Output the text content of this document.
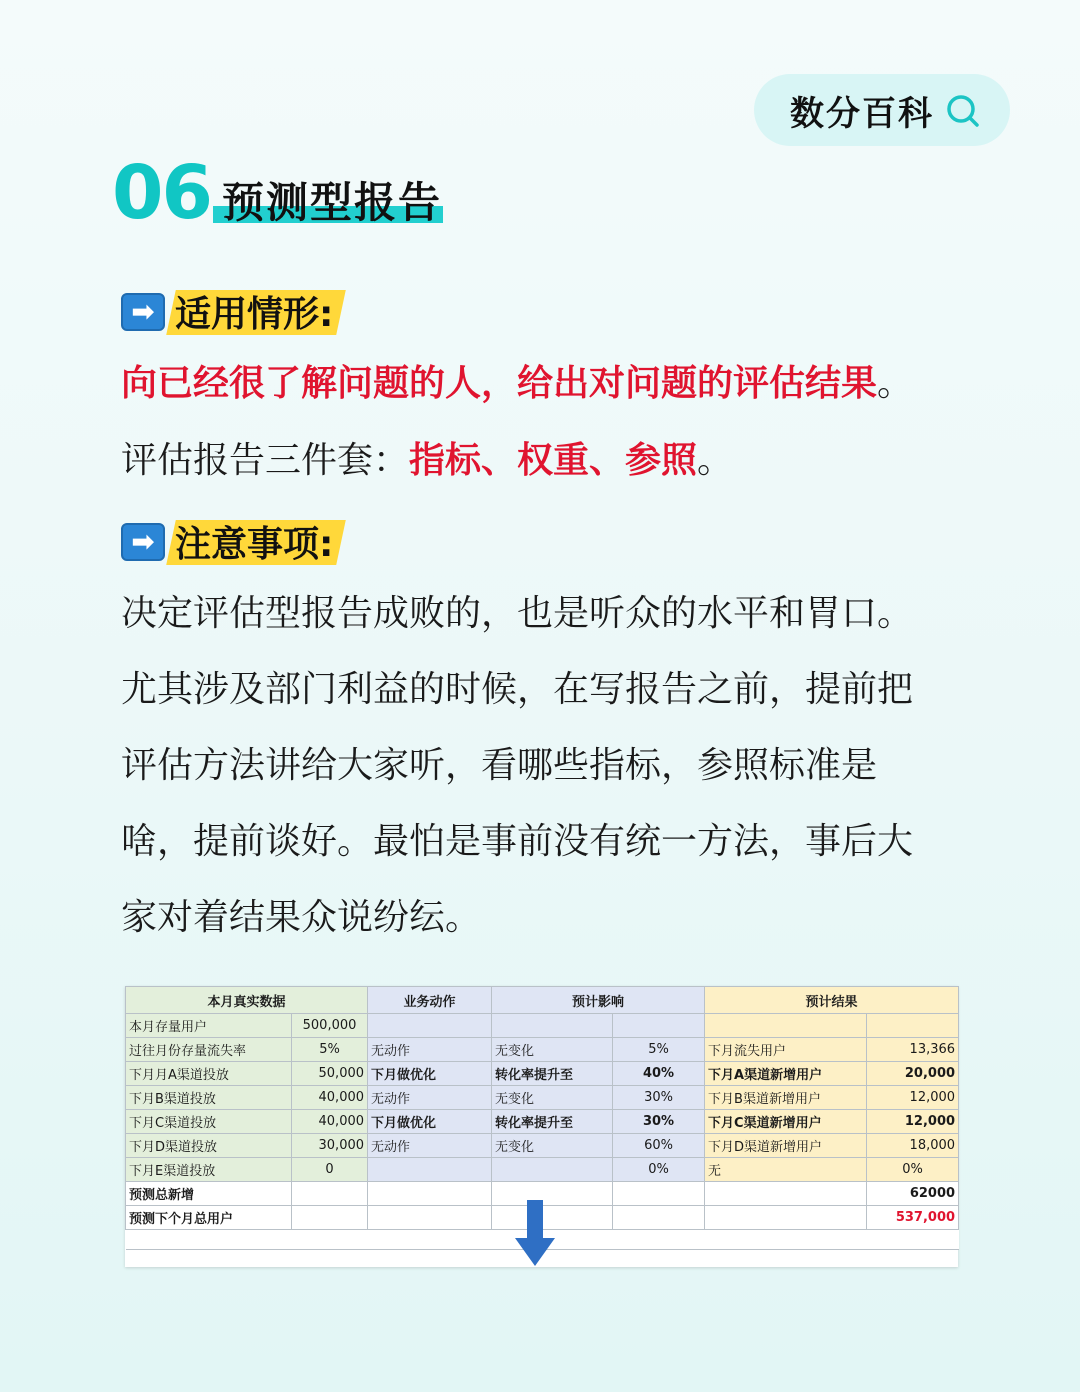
数分百科
06 预测型报告
➡ 适用情形:
向已经很了解问题的人，给出对问题的评估结果。
评估报告三件套：指标、权重、参照。
➡ 注意事项:
决定评估型报告成败的，也是听众的水平和胃口。
尤其涉及部门利益的时候，在写报告之前，提前把
评估方法讲给大家听，看哪些指标，参照标准是
啥，提前谈好。最怕是事前没有统一方法，事后大
家对着结果众说纷纭。
本月真实数据		业务动作	预计影响		预计结果	
本月存量用户	500,000					
过往月份存量流失率	5%	无动作	无变化	5%	下月流失用户	13,366
下月月A渠道投放	50,000	下月做优化	转化率提升至	40%	下月A渠道新增用户	20,000
下月B渠道投放	40,000	无动作	无变化	30%	下月B渠道新增用户	12,000
下月C渠道投放	40,000	下月做优化	转化率提升至	30%	下月C渠道新增用户	12,000
下月D渠道投放	30,000	无动作	无变化	60%	下月D渠道新增用户	18,000
下月E渠道投放	0			0%	无	0%
预测总新增						62000
预测下个月总用户						537,000
